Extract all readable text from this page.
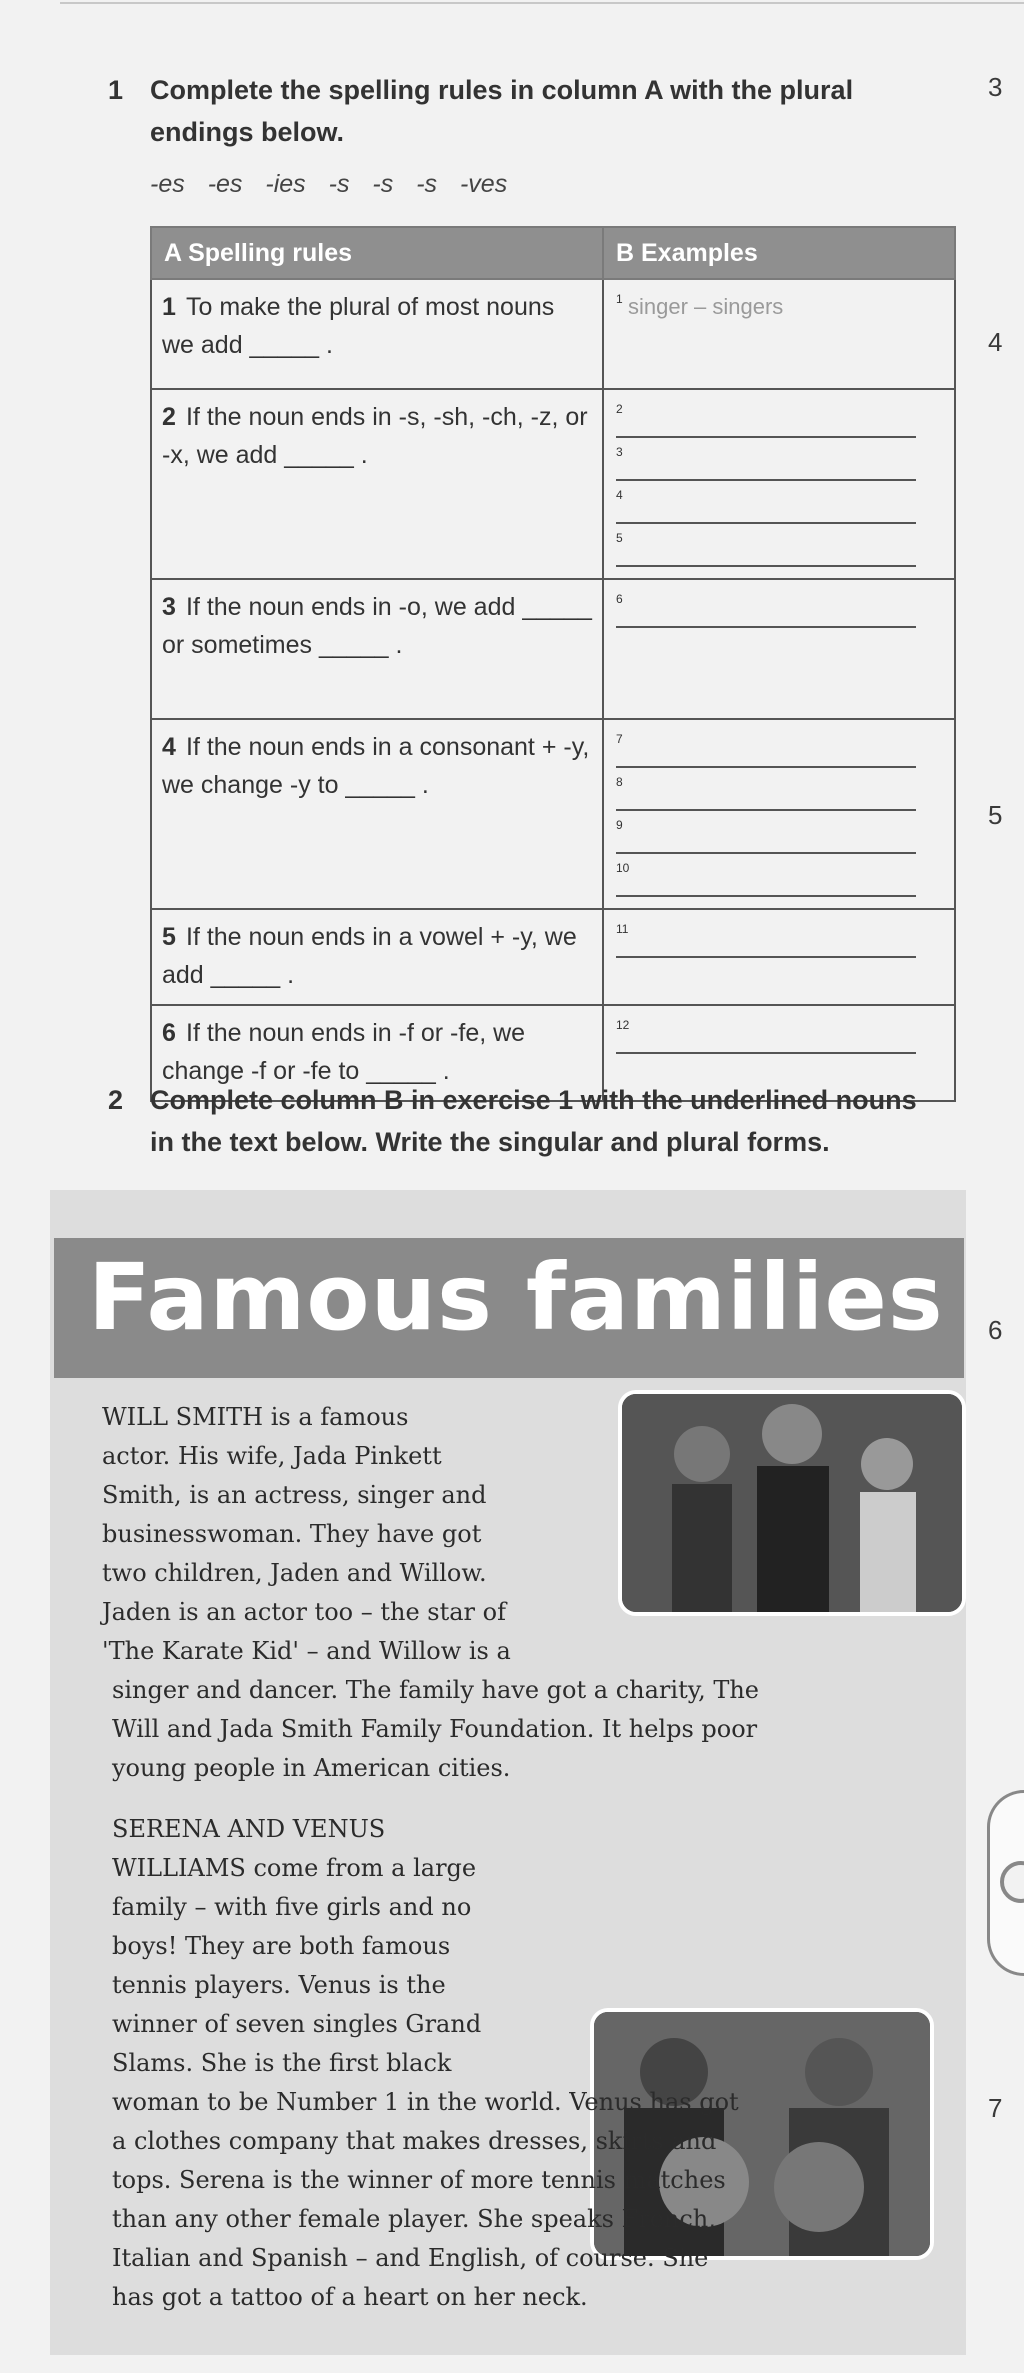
3
4
5
6
7
1 Complete the spelling rules in column A with the plural
endings below.
-es -es -ies -s -s -s -ves
A Spelling rules	B Examples
1 To make the plural of most nouns we add _____ .	1 singer – singers

2 If the noun ends in -s, -sh, -ch, -z, or -x, we add _____ .	2
3
4
5

3 If the noun ends in -o, we add _____ or sometimes _____ .	6

4 If the noun ends in a consonant + -y, we change -y to _____ .	7
8
9
10

5 If the noun ends in a vowel + -y, we add _____ .	11

6 If the noun ends in -f or -fe, we change -f or -fe to _____ .	12
2 Complete column B in exercise 1 with the underlined nouns
in the text below. Write the singular and plural forms.
Famous families
WILL SMITH is a famous
actor. His wife, Jada Pinkett
Smith, is an actress, singer and
businesswoman. They have got
two children, Jaden and Willow.
Jaden is an actor too – the star of
'The Karate Kid' – and Willow is a
singer and dancer. The family have got a charity, The
Will and Jada Smith Family Foundation. It helps poor
young people in American cities.
SERENA AND VENUS
WILLIAMS come from a large
family – with five girls and no
boys! They are both famous
tennis players. Venus is the
winner of seven singles Grand
Slams. She is the first black
woman to be Number 1 in the world. Venus has got
a clothes company that makes dresses, skirts and
tops. Serena is the winner of more tennis matches
than any other female player. She speaks French,
Italian and Spanish – and English, of course. She
has got a tattoo of a heart on her neck.
